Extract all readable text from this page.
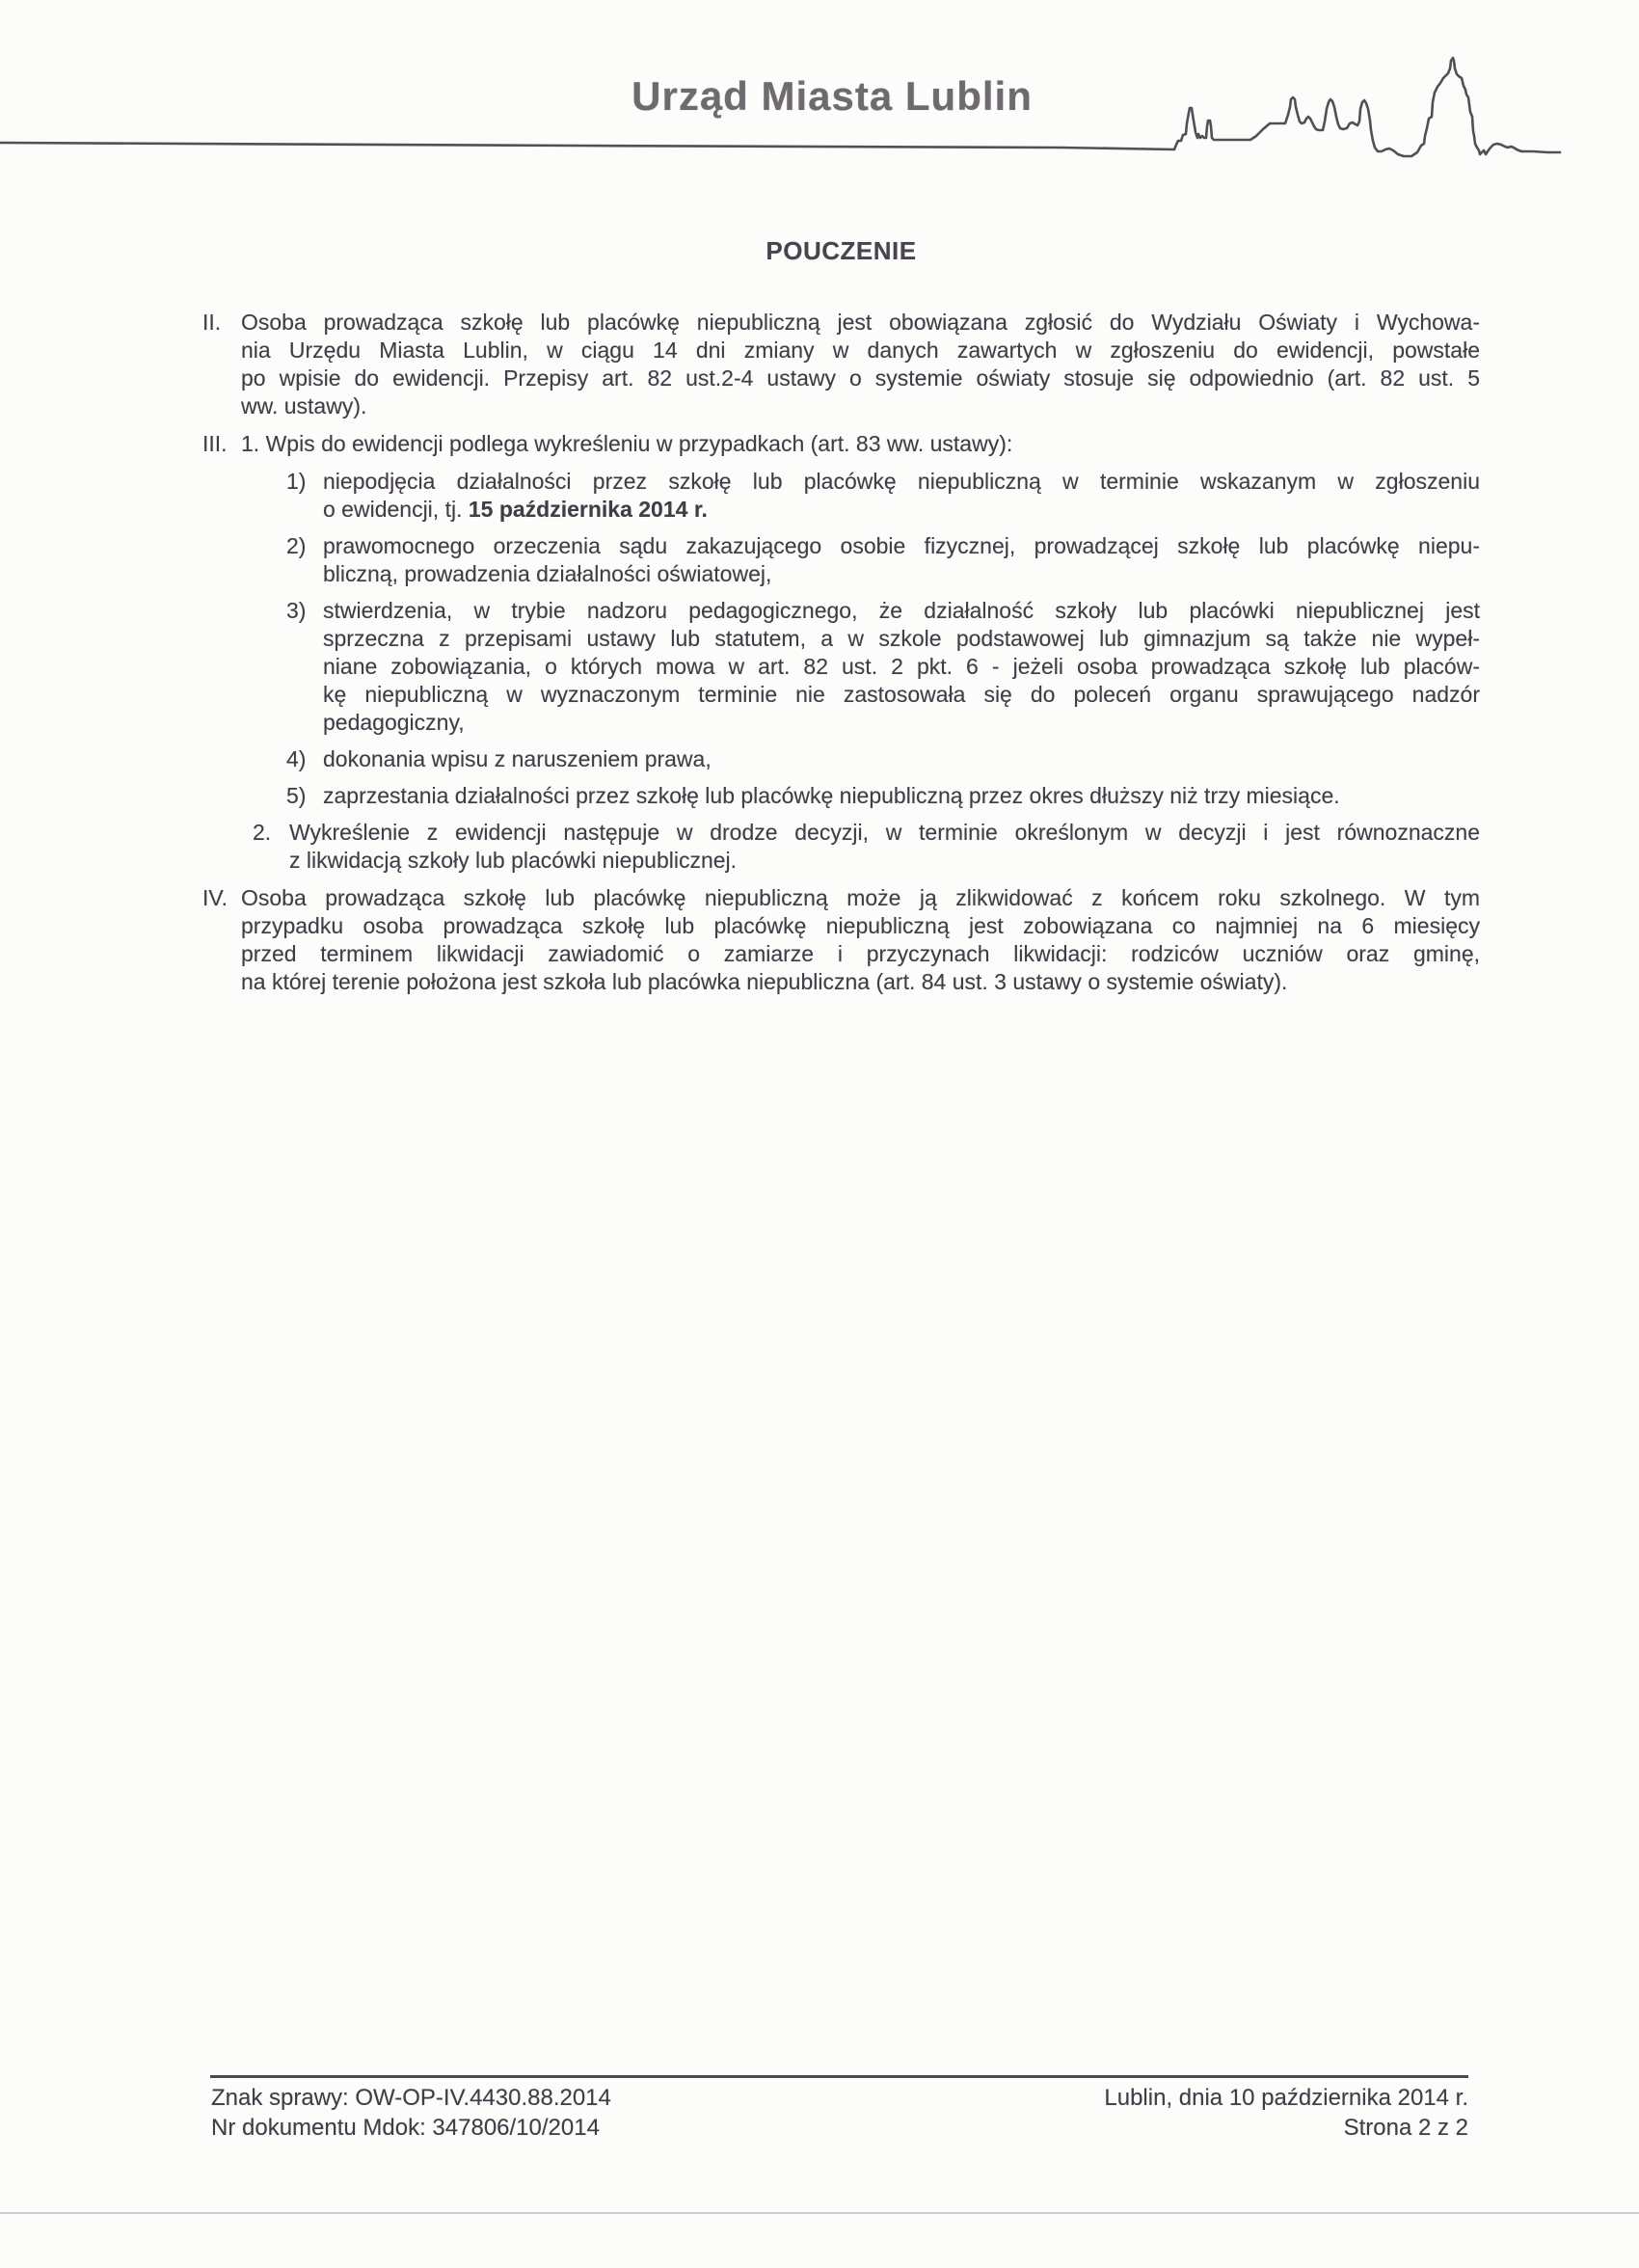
Urząd Miasta Lublin
POUCZENIE
II. Osoba prowadząca szkołę lub placówkę niepubliczną jest obowiązana zgłosić do Wydziału Oświaty i Wychowa-
nia Urzędu Miasta Lublin, w ciągu 14 dni zmiany w danych zawartych w zgłoszeniu do ewidencji, powstałe
po wpisie do ewidencji. Przepisy art. 82 ust.2-4 ustawy o systemie oświaty stosuje się odpowiednio (art. 82 ust. 5
ww. ustawy).
III. 1. Wpis do ewidencji podlega wykreśleniu w przypadkach (art. 83 ww. ustawy):
1) niepodjęcia działalności przez szkołę lub placówkę niepubliczną w terminie wskazanym w zgłoszeniu
o ewidencji, tj. 15 października 2014 r.
2) prawomocnego orzeczenia sądu zakazującego osobie fizycznej, prowadzącej szkołę lub placówkę niepu-
bliczną, prowadzenia działalności oświatowej,
3) stwierdzenia, w trybie nadzoru pedagogicznego, że działalność szkoły lub placówki niepublicznej jest
sprzeczna z przepisami ustawy lub statutem, a w szkole podstawowej lub gimnazjum są także nie wypeł-
niane zobowiązania, o których mowa w art. 82 ust. 2 pkt. 6 - jeżeli osoba prowadząca szkołę lub placów-
kę niepubliczną w wyznaczonym terminie nie zastosowała się do poleceń organu sprawującego nadzór
pedagogiczny,
4) dokonania wpisu z naruszeniem prawa,
5) zaprzestania działalności przez szkołę lub placówkę niepubliczną przez okres dłuższy niż trzy miesiące.
2. Wykreślenie z ewidencji następuje w drodze decyzji, w terminie określonym w decyzji i jest równoznaczne
z likwidacją szkoły lub placówki niepublicznej.
IV. Osoba prowadząca szkołę lub placówkę niepubliczną może ją zlikwidować z końcem roku szkolnego. W tym
przypadku osoba prowadząca szkołę lub placówkę niepubliczną jest zobowiązana co najmniej na 6 miesięcy
przed terminem likwidacji zawiadomić o zamiarze i przyczynach likwidacji: rodziców uczniów oraz gminę,
na której terenie położona jest szkoła lub placówka niepubliczna (art. 84 ust. 3 ustawy o systemie oświaty).
Znak sprawy: OW-OP-IV.4430.88.2014
Nr dokumentu Mdok: 347806/10/2014
Lublin, dnia 10 października 2014 r.
Strona 2 z 2
